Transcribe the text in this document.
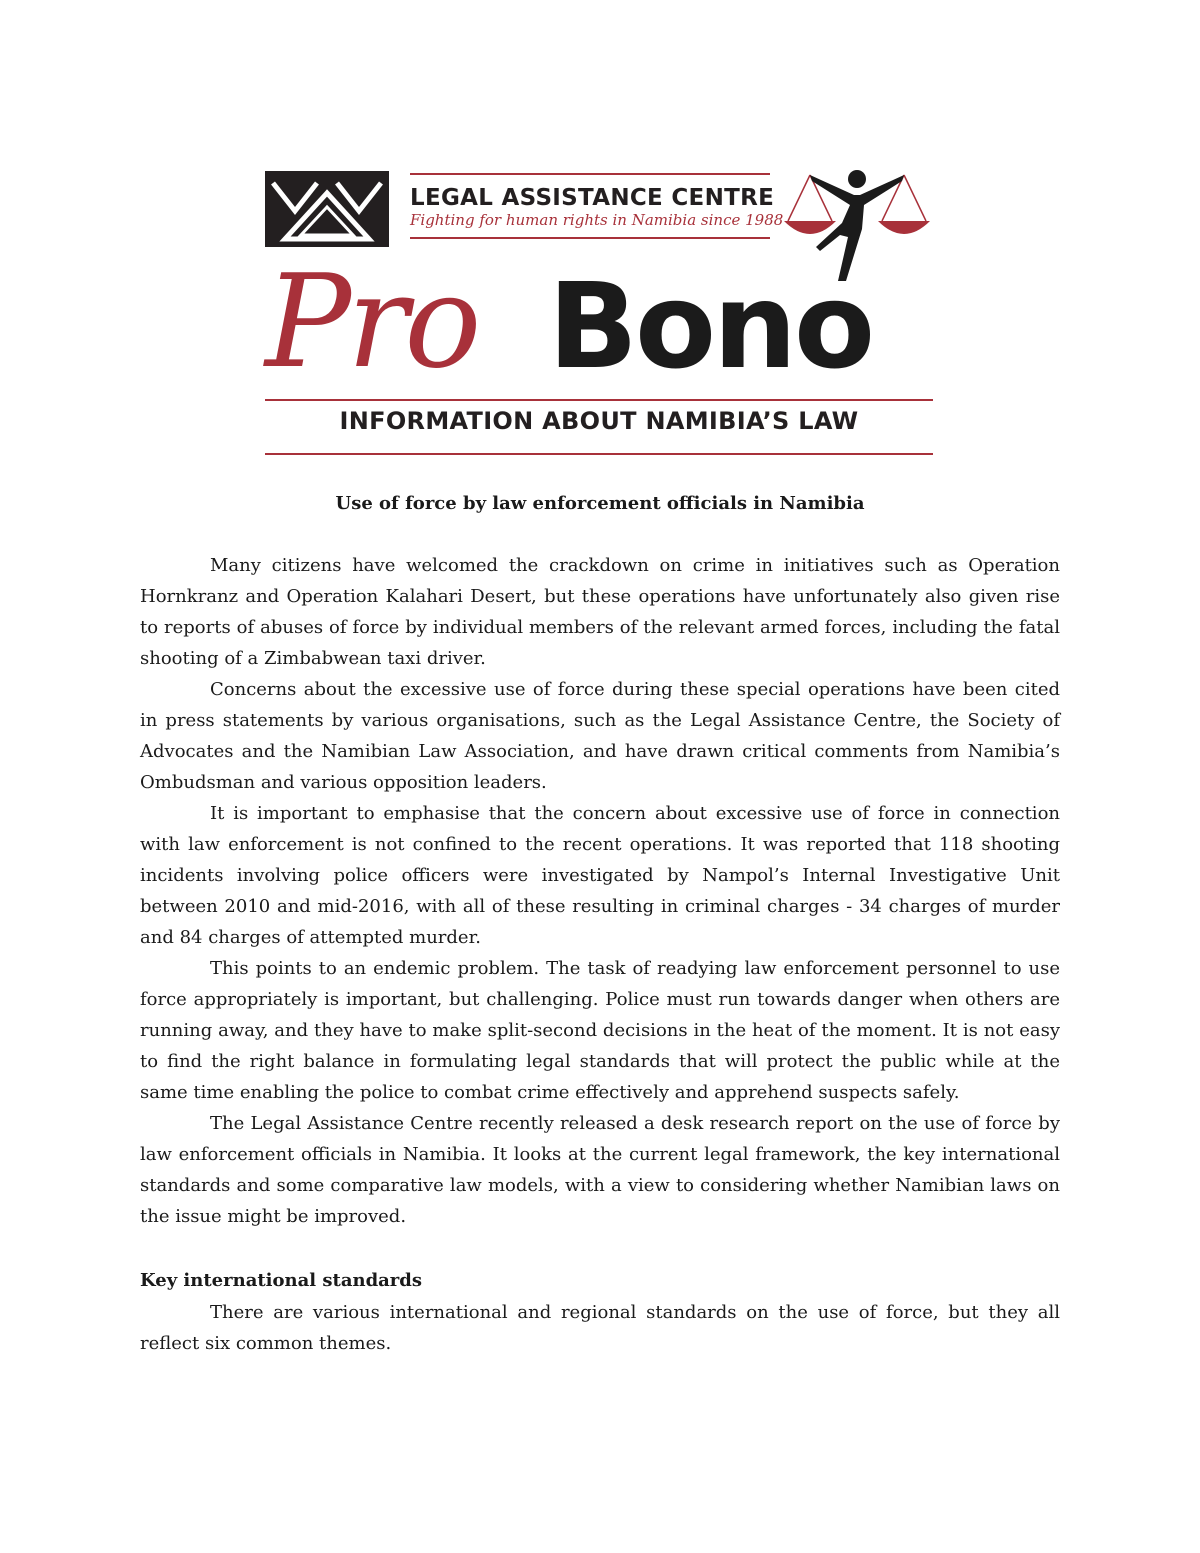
LEGAL ASSISTANCE CENTRE
Fighting for human rights in Namibia since 1988
Pro Bono
INFORMATION ABOUT NAMIBIA’S LAW
Use of force by law enforcement officials in Namibia

Many citizens have welcomed the crackdown on crime in initiatives such as Operation Hornkranz and Operation Kalahari Desert, but these operations have unfortunately also given rise to reports of abuses of force by individual members of the relevant armed forces, including the fatal shooting of a Zimbabwean taxi driver.

Concerns about the excessive use of force during these special operations have been cited in press statements by various organisations, such as the Legal Assistance Centre, the Society of Advocates and the Namibian Law Association, and have drawn critical comments from Namibia’s Ombudsman and various opposition leaders.

It is important to emphasise that the concern about excessive use of force in connection with law enforcement is not confined to the recent operations. It was reported that 118 shooting incidents involving police officers were investigated by Nampol’s Internal Investigative Unit between 2010 and mid-2016, with all of these resulting in criminal charges - 34 charges of murder and 84 charges of attempted murder.

This points to an endemic problem. The task of readying law enforcement personnel to use force appropriately is important, but challenging. Police must run towards danger when others are running away, and they have to make split-second decisions in the heat of the moment. It is not easy to find the right balance in formulating legal standards that will protect the public while at the same time enabling the police to combat crime effectively and apprehend suspects safely.

The Legal Assistance Centre recently released a desk research report on the use of force by law enforcement officials in Namibia. It looks at the current legal framework, the key international standards and some comparative law models, with a view to considering whether Namibian laws on the issue might be improved.

Key international standards

There are various international and regional standards on the use of force, but they all reflect six common themes.
